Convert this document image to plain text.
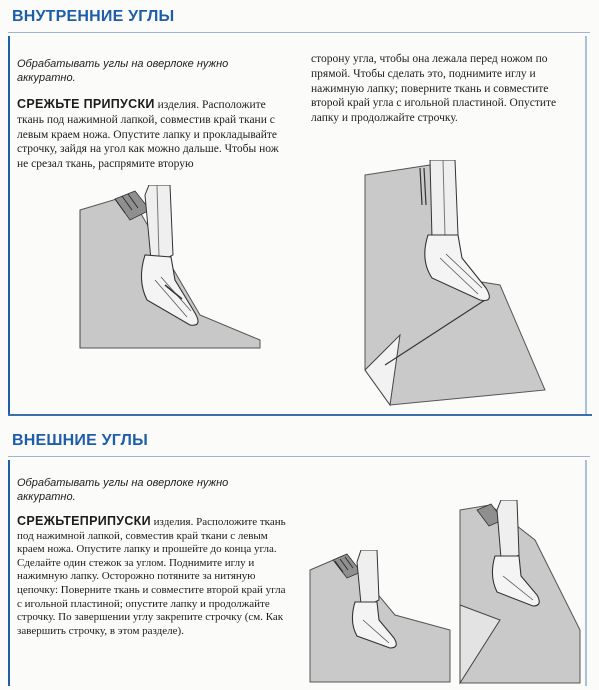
ВНУТРЕННИЕ УГЛЫ
Обрабатывать углы на оверлоке нужно аккуратно.

СРЕЖЬТЕ ПРИПУСКИ изделия. Расположите ткань под нажимной лапкой, совместив край ткани с левым краем ножа. Опустите лапку и прокладывайте строчку, зайдя на угол как можно дальше. Чтобы нож не срезал ткань, распрямите вторую

сторону угла, чтобы она лежала перед ножом по прямой. Чтобы сделать это, поднимите иглу и нажимную лапку; поверните ткань и совместите второй край угла с игольной пластиной. Опустите лапку и продолжайте строчку.

ВНЕШНИЕ УГЛЫ
Обрабатывать углы на оверлоке нужно аккуратно.

СРЕЖЬТЕПРИПУСКИ изделия. Расположите ткань под нажимной лапкой, совместив край ткани с левым краем ножа. Опустите лапку и прошейте до конца угла. Сделайте один стежок за углом. Поднимите иглу и нажимную лапку. Осторожно потяните за нитяную цепочку: Поверните ткань и совместите второй край угла с игольной пластиной; опустите лапку и продолжайте строчку. По завершении углу закрепите строчку (см. Как завершить строчку, в этом разделе).
